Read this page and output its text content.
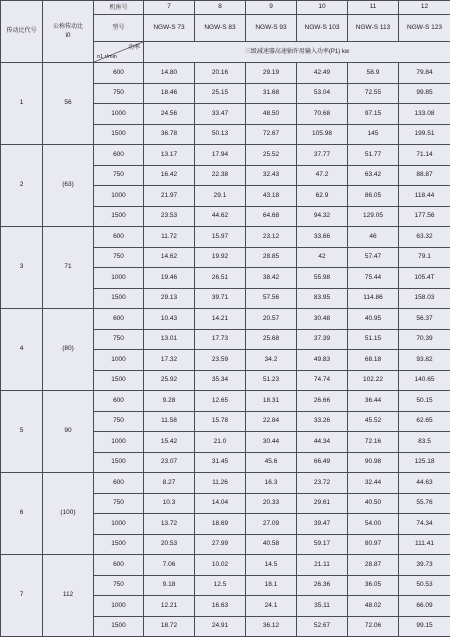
传动比代号	公称传动比
i0	机座号	7	8	9	10	11	12
		型号	NGW-S 73	NGW-S 83	NGW-S 93	NGW-S 103	NGW-S 113	NGW-S 123

		n1 r/min
功率	三级减速器高速轴许用输入功率(P1) kw					
1	56	600	14.80	20.16	29.19	42.49	58.9	79.84
		750	18.46	25.15	31.68	53.04	72.55	99.85
		1000	24.56	33.47	48.50	70.68	97.15	133.08
		1500	36.78	50.13	72.67	105.98	145	199.51
2	(63)	600	13.17	17.94	25.52	37.77	51.77	71.14
		750	16.42	22.38	32.43	47.2	63.42	88.87
		1000	21.97	29.1	43.18	62.9	86.05	118.44
		1500	23.53	44.62	64.68	94.32	129.05	177.56
3	71	600	11.72	15.97	23.12	33.66	46	63.32
		750	14.62	19.92	28.85	42	57.47	79.1
		1000	19.46	26.51	38.42	55.98	75.44	105.4T
		1500	29.13	39.71	57.56	83.95	114.86	158.03
4	(80)	600	10.43	14.21	20.57	30.48	40.95	56.37
		750	13.01	17.73	25.68	37.39	51.15	70.39
		1000	17.32	23.59	34.2	49.83	68.18	93.82
		1500	25.92	35.34	51.23	74.74	102.22	140.65
5	90	600	9.28	12.65	18.31	26.66	36.44	50.15
		750	11.58	15.78	22.84	33.26	45.52	62.65
		1000	15.42	21.0	30.44	44.34	72.16	83.5
		1500	23.07	31.45	45.6	66.49	90.98	125.18
6	(100)	600	8.27	11.26	16.3	23.72	32.44	44.63
		750	10.3	14.04	20.33	29.61	40.50	55.76
		1000	13.72	18.69	27.09	39.47	54.00	74.34
		1500	20.53	27.99	40.58	59.17	80.97	111.41
7	112	600	7.06	10.02	14.5	21.11	28.87	39.73
		750	9.18	12.5	18.1	26.36	36.05	50.53
		1000	12.21	16.63	24.1	35.11	48.02	66.09
		1500	18.72	24.91	36.12	52.67	72.06	99.15
